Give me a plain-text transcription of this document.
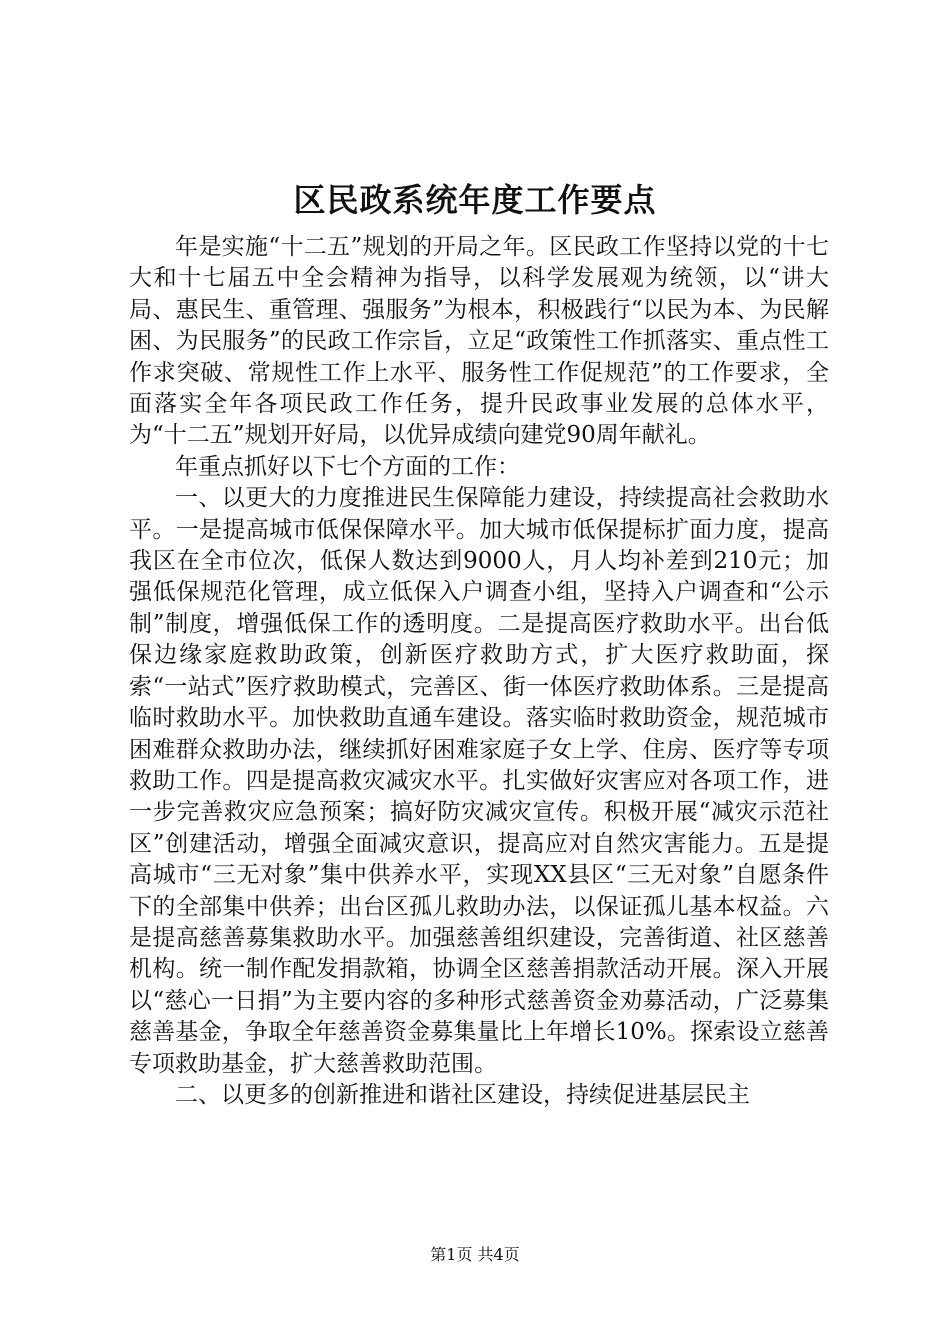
区民政系统年度工作要点

年是实施“十二五”规划的开局之年。区民政工作坚持以党的十七大和十七届五中全会精神为指导，以科学发展观为统领，以“讲大局、惠民生、重管理、强服务”为根本，积极践行“以民为本、为民解困、为民服务”的民政工作宗旨，立足“政策性工作抓落实、重点性工作求突破、常规性工作上水平、服务性工作促规范”的工作要求，全面落实全年各项民政工作任务，提升民政事业发展的总体水平，为“十二五”规划开好局，以优异成绩向建党90周年献礼。

年重点抓好以下七个方面的工作：

一、以更大的力度推进民生保障能力建设，持续提高社会救助水平。一是提高城市低保保障水平。加大城市低保提标扩面力度，提高我区在全市位次，低保人数达到9000人，月人均补差到210元；加强低保规范化管理，成立低保入户调查小组，坚持入户调查和“公示制”制度，增强低保工作的透明度。二是提高医疗救助水平。出台低保边缘家庭救助政策，创新医疗救助方式，扩大医疗救助面，探索“一站式”医疗救助模式，完善区、街一体医疗救助体系。三是提高临时救助水平。加快救助直通车建设。落实临时救助资金，规范城市困难群众救助办法，继续抓好困难家庭子女上学、住房、医疗等专项救助工作。四是提高救灾减灾水平。扎实做好灾害应对各项工作，进一步完善救灾应急预案；搞好防灾减灾宣传。积极开展“减灾示范社区”创建活动，增强全面减灾意识，提高应对自然灾害能力。五是提高城市“三无对象”集中供养水平，实现XX县区“三无对象”自愿条件下的全部集中供养；出台区孤儿救助办法，以保证孤儿基本权益。六是提高慈善募集救助水平。加强慈善组织建设，完善街道、社区慈善机构。统一制作配发捐款箱，协调全区慈善捐款活动开展。深入开展以“慈心一日捐”为主要内容的多种形式慈善资金劝募活动，广泛募集慈善基金，争取全年慈善资金募集量比上年增长10%。探索设立慈善专项救助基金，扩大慈善救助范围。

二、以更多的创新推进和谐社区建设，持续促进基层民主

第1页 共4页
